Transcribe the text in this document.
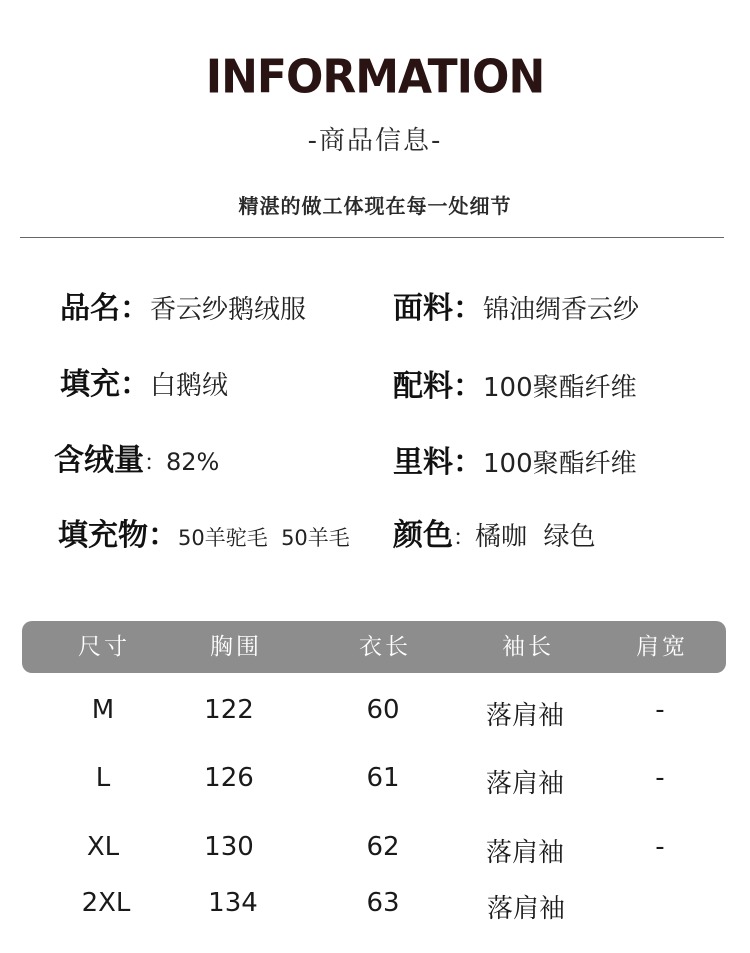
INFORMATION
-商品信息-
精湛的做工体现在每一处细节
品名：香云纱鹅绒服	面料：锦油绸香云纱
填充：白鹅绒	配料：100聚酯纤维
含绒量：82%	里料：100聚酯纤维
填充物：50羊驼毛  50羊毛 颜色：橘咖  绿色
尺寸	胸围	衣长	袖长	肩宽
M	122	60	落肩袖	-
L	126	61	落肩袖	-
XL	130	62	落肩袖	-
2XL	134	63	落肩袖
